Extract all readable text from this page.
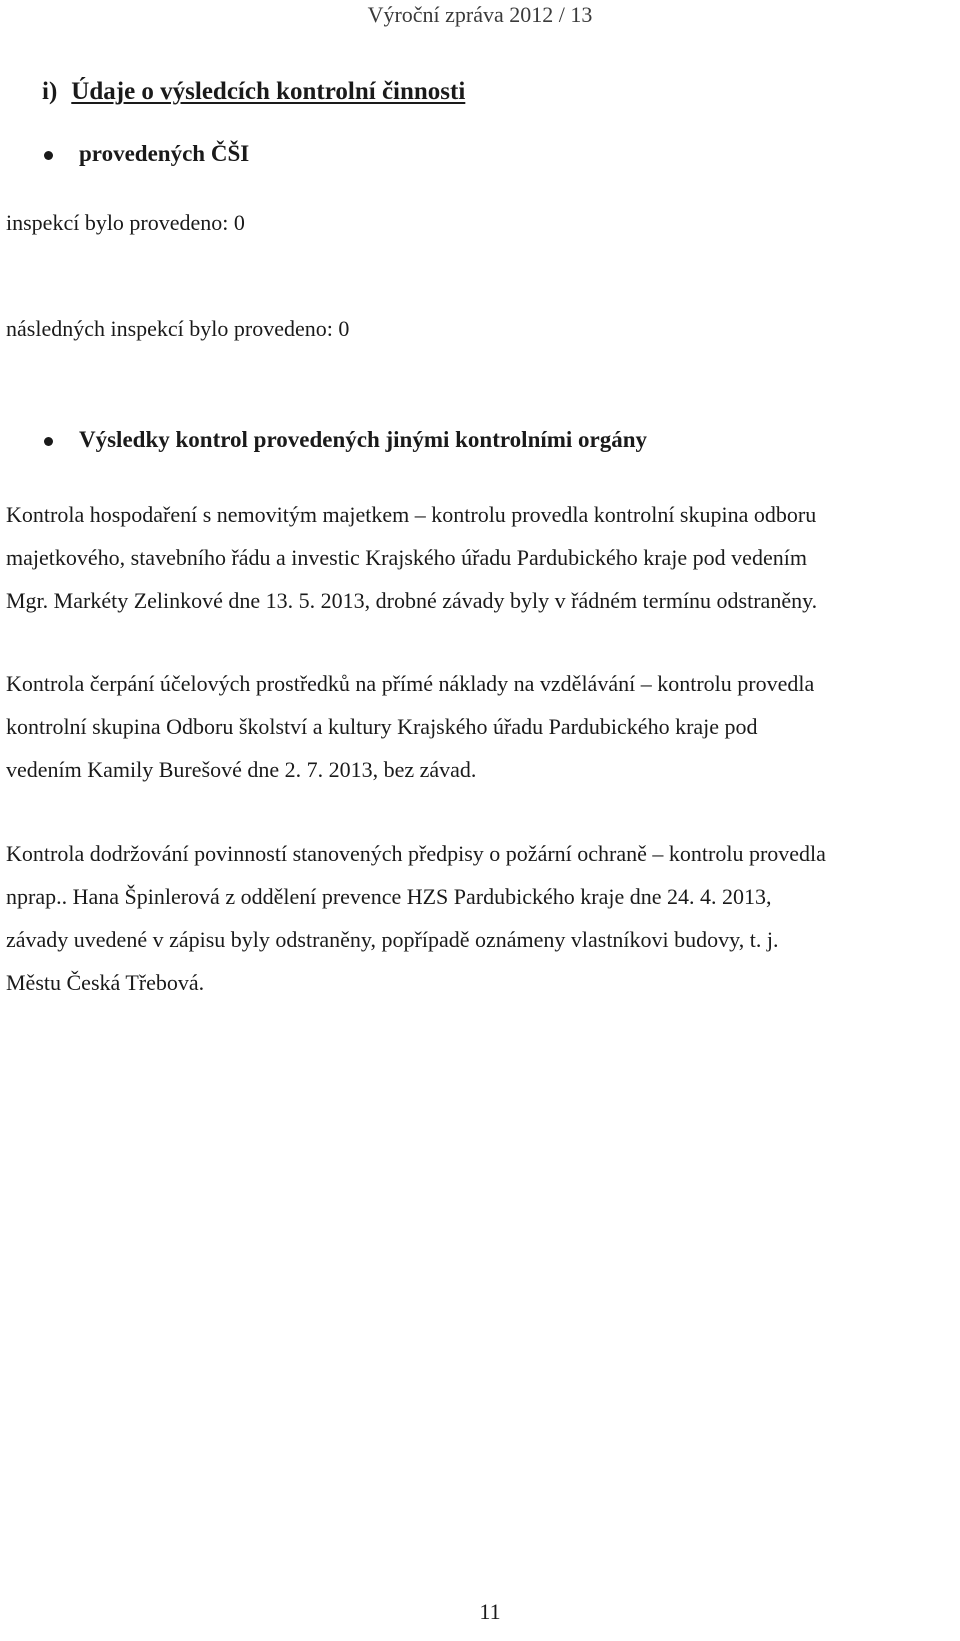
Výroční zpráva 2012 / 13
i) Údaje o výsledcích kontrolní činnosti
provedených ČŠI
inspekcí bylo provedeno: 0
následných inspekcí bylo provedeno: 0
Výsledky kontrol provedených jinými kontrolními orgány
Kontrola hospodaření s nemovitým majetkem – kontrolu provedla kontrolní skupina odboru
majetkového, stavebního řádu a investic Krajského úřadu Pardubického kraje pod vedením
Mgr. Markéty Zelinkové dne 13. 5. 2013, drobné závady byly v řádném termínu odstraněny.
Kontrola čerpání účelových prostředků na přímé náklady na vzdělávání – kontrolu provedla
kontrolní skupina Odboru školství a kultury Krajského úřadu Pardubického kraje pod
vedením Kamily Burešové dne 2. 7. 2013, bez závad.
Kontrola dodržování povinností stanovených předpisy o požární ochraně – kontrolu provedla
nprap.. Hana Špinlerová z oddělení prevence HZS Pardubického kraje dne 24. 4. 2013,
závady uvedené v zápisu byly odstraněny, popřípadě oznámeny vlastníkovi budovy, t. j.
Městu Česká Třebová.
11
